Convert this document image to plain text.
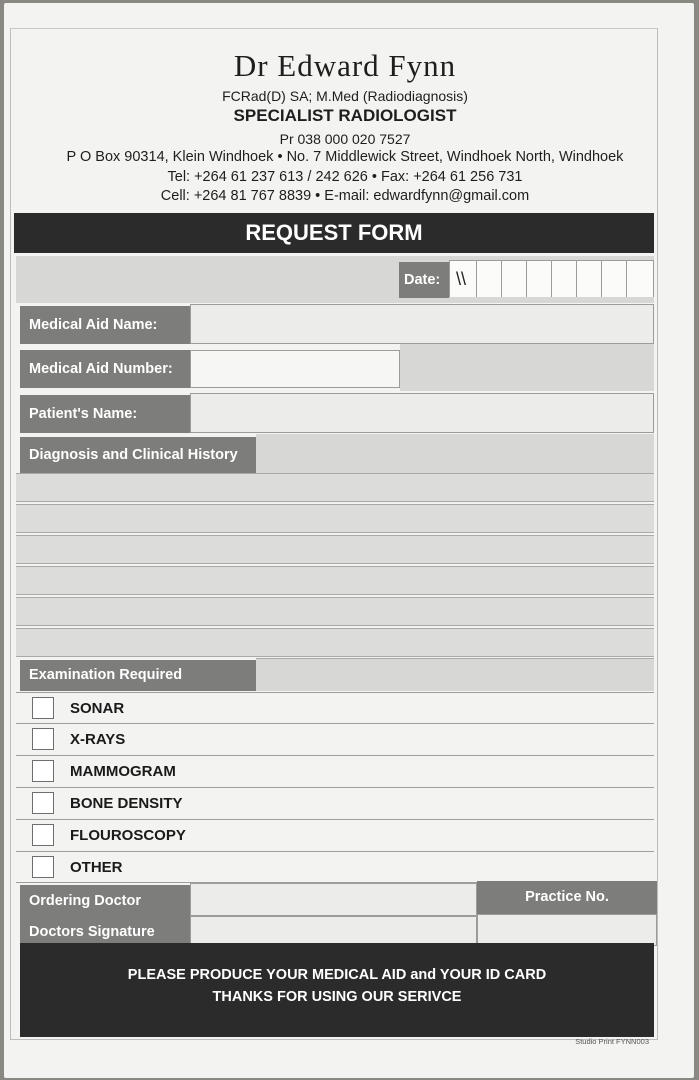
Dr Edward Fynn
FCRad(D) SA; M.Med (Radiodiagnosis)
SPECIALIST RADIOLOGIST
Pr 038 000 020 7527
P O Box 90314, Klein Windhoek • No. 7 Middlewick Street, Windhoek North, Windhoek
Tel: +264 61 237 613 / 242 626 • Fax: +264 61 256 731
Cell: +264 81 767 8839 • E-mail: edwardfynn@gmail.com
REQUEST FORM
Date: \\
Medical Aid Name:
Medical Aid Number:
Patient's Name:
Diagnosis and Clinical History
Examination Required
SONAR
X-RAYS
MAMMOGRAM
BONE DENSITY
FLOUROSCOPY
OTHER
Ordering Doctor	Practice No.
Doctors Signature
PLEASE PRODUCE YOUR MEDICAL AID and YOUR ID CARD
THANKS FOR USING OUR SERIVCE
Studio Print FYNN003
